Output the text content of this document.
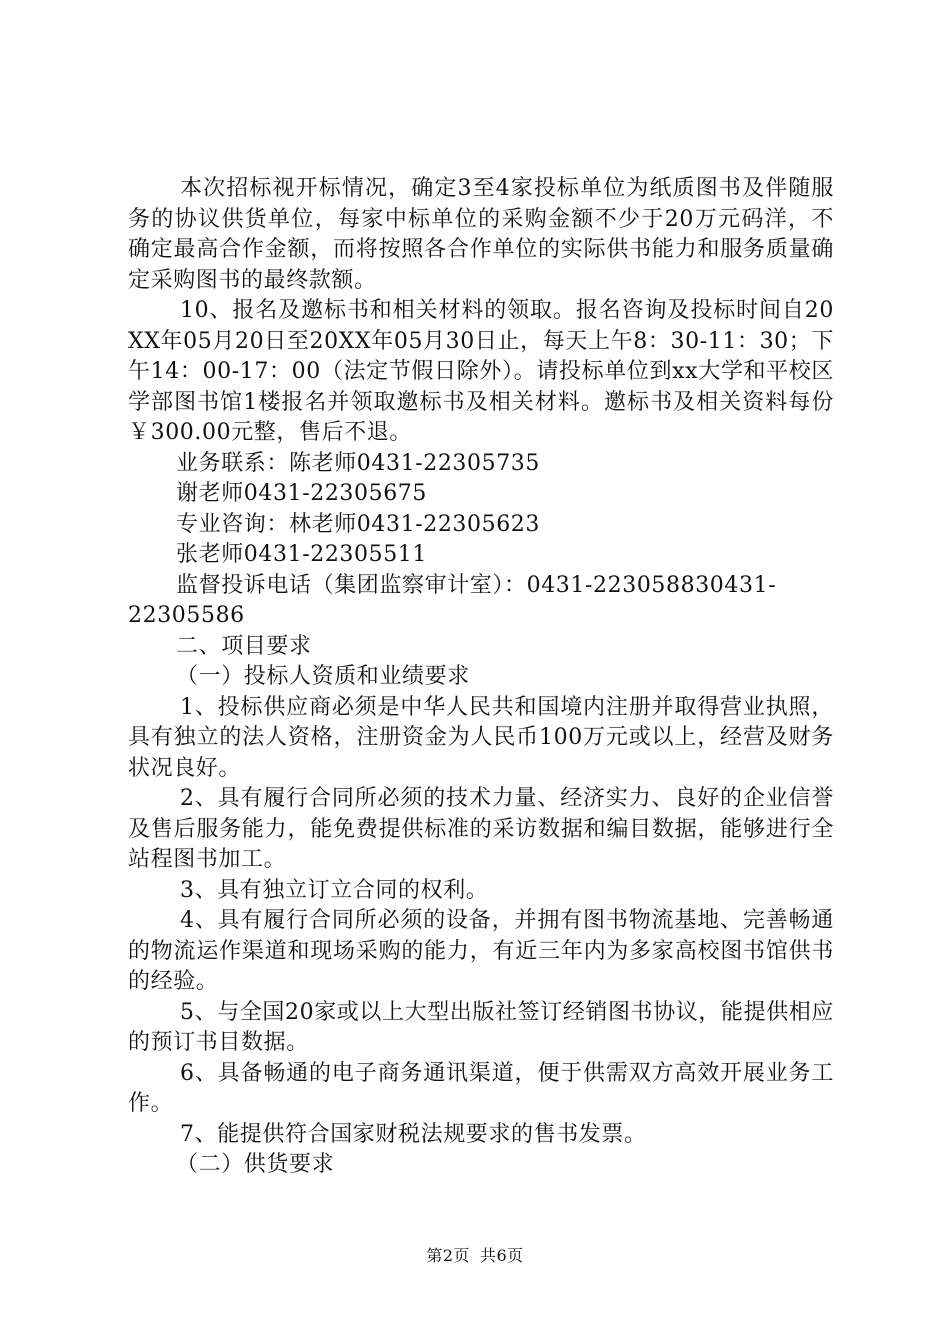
本次招标视开标情况，确定3至4家投标单位为纸质图书及伴随服务的协议供货单位，每家中标单位的采购金额不少于20万元码洋，不确定最高合作金额，而将按照各合作单位的实际供书能力和服务质量确定采购图书的最终款额。

10、报名及邀标书和相关材料的领取。报名咨询及投标时间自20XX年05月20日至20XX年05月30日止，每天上午8：30-11：30；下午14：00-17：00（法定节假日除外）。请投标单位到xx大学和平校区学部图书馆1楼报名并领取邀标书及相关材料。邀标书及相关资料每份￥300.00元整，售后不退。

业务联系：陈老师0431-22305735

谢老师0431-22305675

专业咨询：林老师0431-22305623

张老师0431-22305511

监督投诉电话（集团监察审计室）：0431-223058830431-

22305586

二、项目要求

（一）投标人资质和业绩要求

1、投标供应商必须是中华人民共和国境内注册并取得营业执照，具有独立的法人资格，注册资金为人民币100万元或以上，经营及财务状况良好。

2、具有履行合同所必须的技术力量、经济实力、良好的企业信誉及售后服务能力，能免费提供标准的采访数据和编目数据，能够进行全站程图书加工。

3、具有独立订立合同的权利。

4、具有履行合同所必须的设备，并拥有图书物流基地、完善畅通的物流运作渠道和现场采购的能力，有近三年内为多家高校图书馆供书的经验。

5、与全国20家或以上大型出版社签订经销图书协议，能提供相应的预订书目数据。

6、具备畅通的电子商务通讯渠道，便于供需双方高效开展业务工作。

7、能提供符合国家财税法规要求的售书发票。

（二）供货要求

第2页 共6页
